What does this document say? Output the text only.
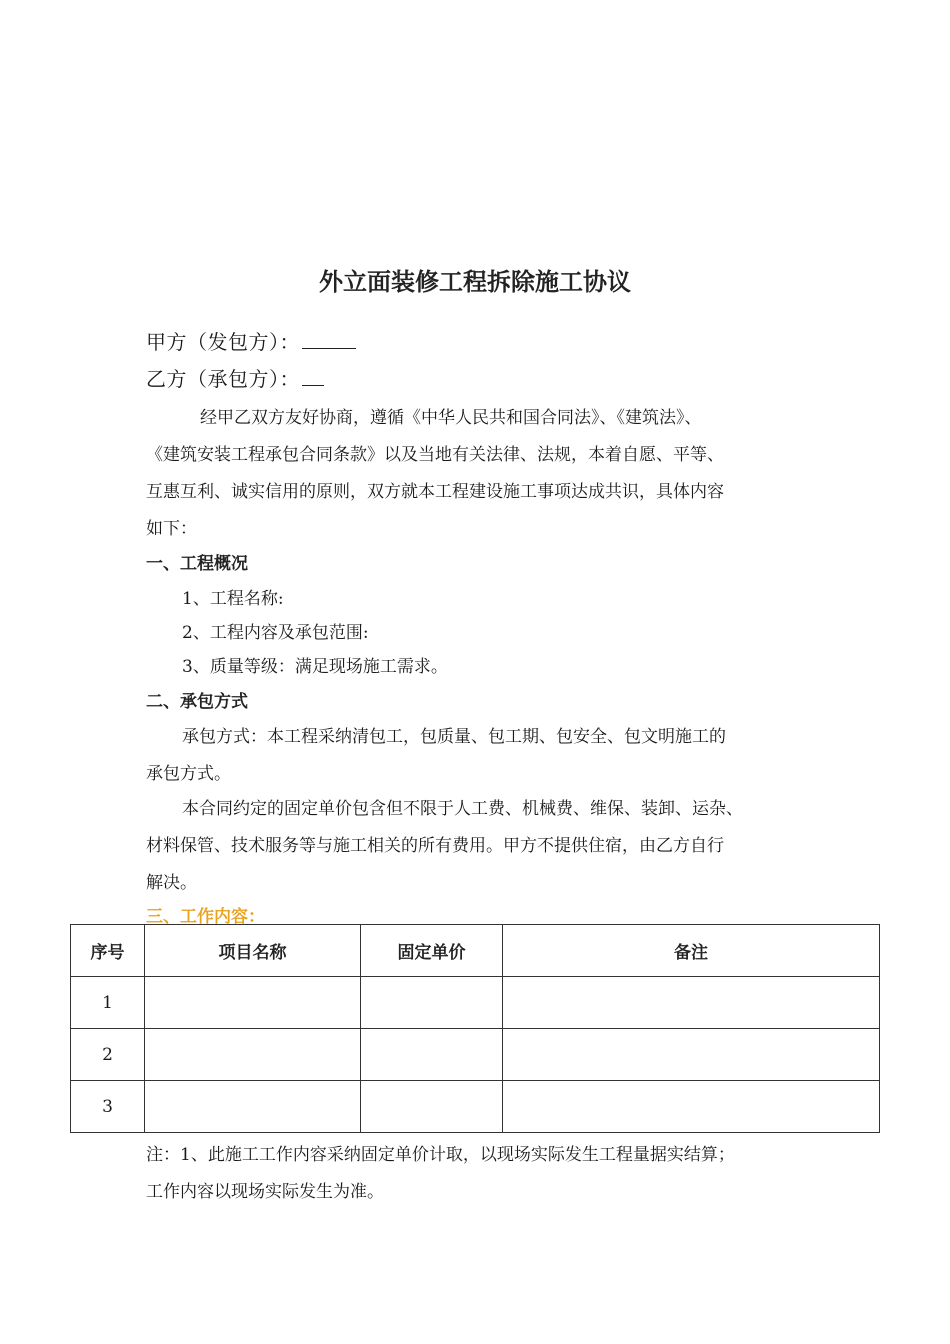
外立面装修工程拆除施工协议
甲方（发包方）：
乙方（承包方）：
经甲乙双方友好协商，遵循《中华人民共和国合同法》、《建筑法》、
《建筑安装工程承包合同条款》以及当地有关法律、法规，本着自愿、平等、
互惠互利、诚实信用的原则，双方就本工程建设施工事项达成共识，具体内容
如下：
一、工程概况
1、工程名称:
2、工程内容及承包范围:
3、质量等级：满足现场施工需求。
二、承包方式
承包方式：本工程采纳清包工，包质量、包工期、包安全、包文明施工的
承包方式。
本合同约定的固定单价包含但不限于人工费、机械费、维保、装卸、运杂、
材料保管、技术服务等与施工相关的所有费用。甲方不提供住宿，由乙方自行
解决。
三、工作内容：
序号	项目名称	固定单价	备注
1			
2			
3			
注：1、此施工工作内容采纳固定单价计取，以现场实际发生工程量据实结算；
工作内容以现场实际发生为准。
